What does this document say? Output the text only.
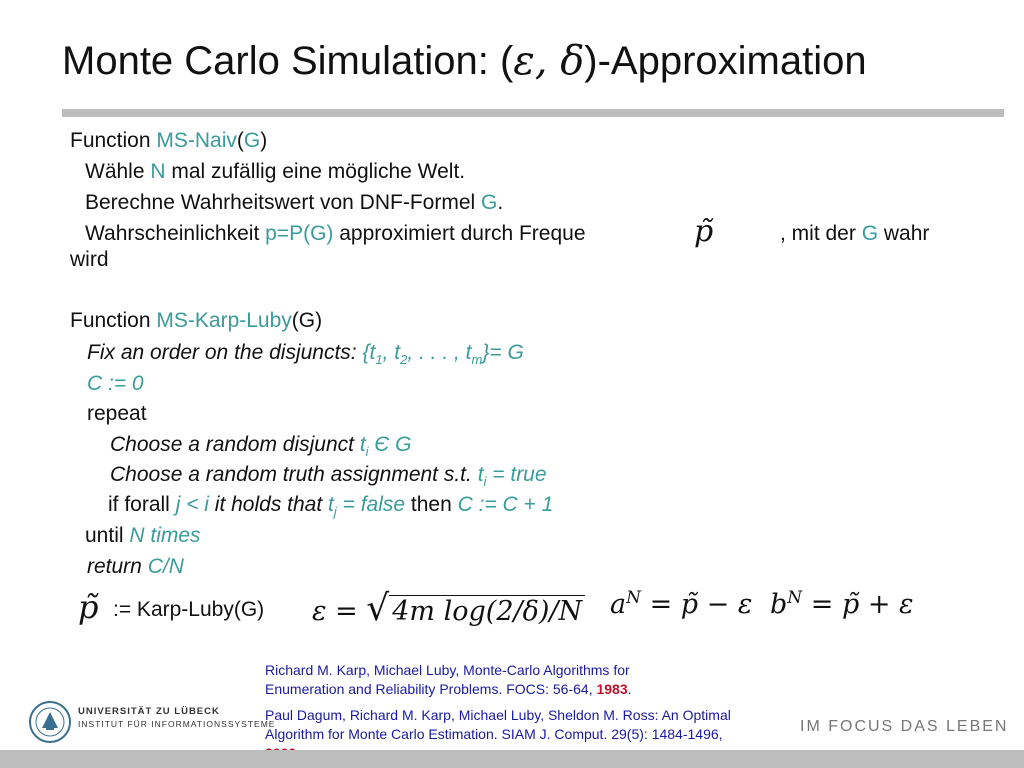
Monte Carlo Simulation: (ε, δ)-Approximation
Function MS-Naiv(G)
Wähle N mal zufällig eine mögliche Welt.
Berechne Wahrheitswert von DNF-Formel G.
Wahrscheinlichkeit p=P(G) approximiert durch Freque	p̃	, mit der G wahr
wird
Function MS-Karp-Luby(G)
Fix an order on the disjuncts: {$t_1$, $t_2$, . . . , $t_m\}= G$
C := 0
repeat
Choose a random disjunct $t_i$ Є G
Choose a random truth assignment s.t. $t_i$ = true
if forall j < i it holds that $t_j$ = false then C := C + 1
until N times
return C/N
p̃ := Karp-Luby(G) ε = √ 4m log(2/δ)/N $a^N$ = p̃ − ε $b^N$ = p̃ + ε
Richard M. Karp, Michael Luby, Monte-Carlo Algorithms for
Enumeration and Reliability Problems. FOCS: 56-64, 1983.
Paul Dagum, Richard M. Karp, Michael Luby, Sheldon M. Ross: An Optimal
Algorithm for Monte Carlo Estimation. SIAM J. Comput. 29(5): 1484-1496,
UNIVERSITÄT ZU LÜBECK
INSTITUT FÜR INFORMATIONSSYSTEME	IM FOCUS DAS LEBEN
